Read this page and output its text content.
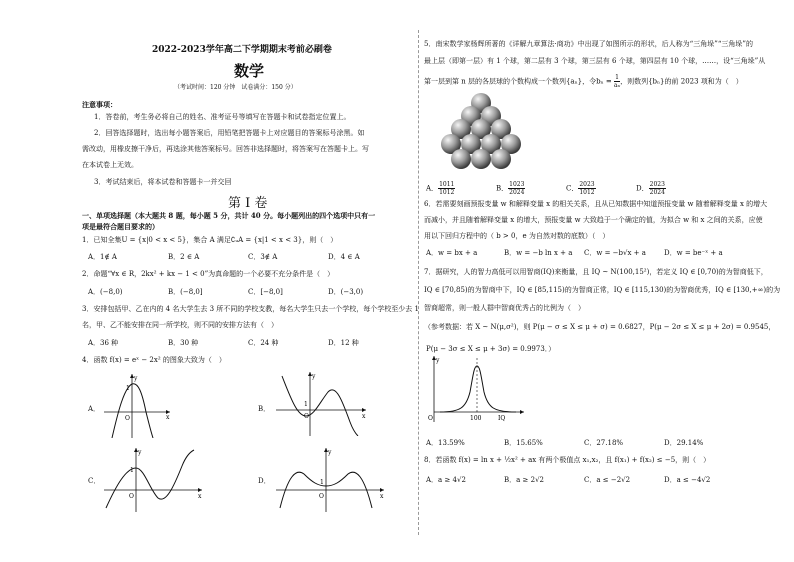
2022-2023学年高二下学期期末考前必刷卷
数学
（考试时间：120 分钟　试卷满分：150 分）
注意事项：
1．答卷前，考生务必将自己的姓名、准考证号等填写在答题卡和试卷指定位置上。
2．回答选择题时，选出每小题答案后，用铅笔把答题卡上对应题目的答案标号涂黑。如
需改动，用橡皮擦干净后，再选涂其他答案标号。回答非选择题时，将答案写在答题卡上。写
在本试卷上无效。
3．考试结束后，将本试卷和答题卡一并交回
第 I 卷
一、单项选择题（本大题共 8 题，每小题 5 分，共计 40 分。每小题列出的四个选项中只有一
项是最符合题目要求的）
1．已知全集U = {x|0 < x < 5}，集合 A 满足∁ᵤA = {x|1 < x < 3}，则（　）
A．1∉ A	B．2 ∈ A	C．3∉ A	D．4 ∈ A
2．命题“∀x ∈ R，2kx² + kx − 1 < 0”为真命题的一个必要不充分条件是（　）
A．(−8,0)	B．(−8,0]	C．[−8,0]	D．(−3,0)
3．安排包括甲、乙在内的 4 名大学生去 3 所不同的学校支教，每名大学生只去一个学校，每个学校至少去 1
名，甲、乙不能安排在同一所学校，则不同的安排方法有（　）
A．36 种	B．30 种	C．24 种	D．12 种
4．函数 f(x) = eˣ − 2x² 的图象大致为（　）
A．
y
x
O
1
B．
y
x
O
1
C．
y
x
O
1
D．
y
x
O
1
5．南宋数学家杨辉所著的《详解九章算法·商功》中出现了如图所示的形状，后人称为“三角垛”“三角垛”的
最上层（即第一层）有 1 个球，第二层有 3 个球，第三层有 6 个球，第四层有 10 个球，……，设“三角垛”从
第一层到第 n 层的各层球的个数构成一个数列{aₙ}，令$b_n = \frac{1}{\text{aₙ}}$ ，则数列{bₙ}的前 2023 项和为（　）
A． $\frac{1011}{1012}$	B． $\frac{1023}{2024}$	C． $\frac{2023}{1012}$	D． $\frac{2023}{2024}$
6．若需要刻画预报变量 w 和解释变量 x 的相关关系，且从已知数据中知道预报变量 w 随着解释变量 x 的增大
而减小，并且随着解释变量 x 的增大，预报变量 w 大致趋于一个确定的值，为拟合 w 和 x 之间的关系，应使
用以下回归方程中的（ b > 0，e 为自然对数的底数）（　）
A．w = bx + a	B．w = −b ln x + a C．w = −b√x + a	D．w = be⁻ˣ + a
7．据研究，人的智力高低可以用智商(IQ)来衡量，且 IQ ~ N(100,15²)，若定义 IQ ∈ [0,70)的为智商低下，
IQ ∈ [70,85)的为智商中下，IQ ∈ [85,115)的为智商正常，IQ ∈ [115,130)的为智商优秀，IQ ∈ [130,+∞)的为
智商超常，则一般人群中智商优秀占的比例为（　）
（参考数据：若 X ~ N(μ,σ²)，则 P(μ − σ ≤ X ≤ μ + σ) = 0.6827，P(μ − 2σ ≤ X ≤ μ + 2σ) = 0.9545，
P(μ − 3σ ≤ X ≤ μ + 3σ) = 0.9973．）
y
O	100	IQ
A．13.59%	B．15.65%	C．27.18%	D．29.14%
8．若函数 f(x) = ln x + ½x² + ax 有两个极值点 x₁,x₂，且 f(x₁) + f(x₂) ≤ −5，则（　）
A．a ≥ 4√2	B．a ≥ 2√2	C．a ≤ −2√2	D．a ≤ −4√2
